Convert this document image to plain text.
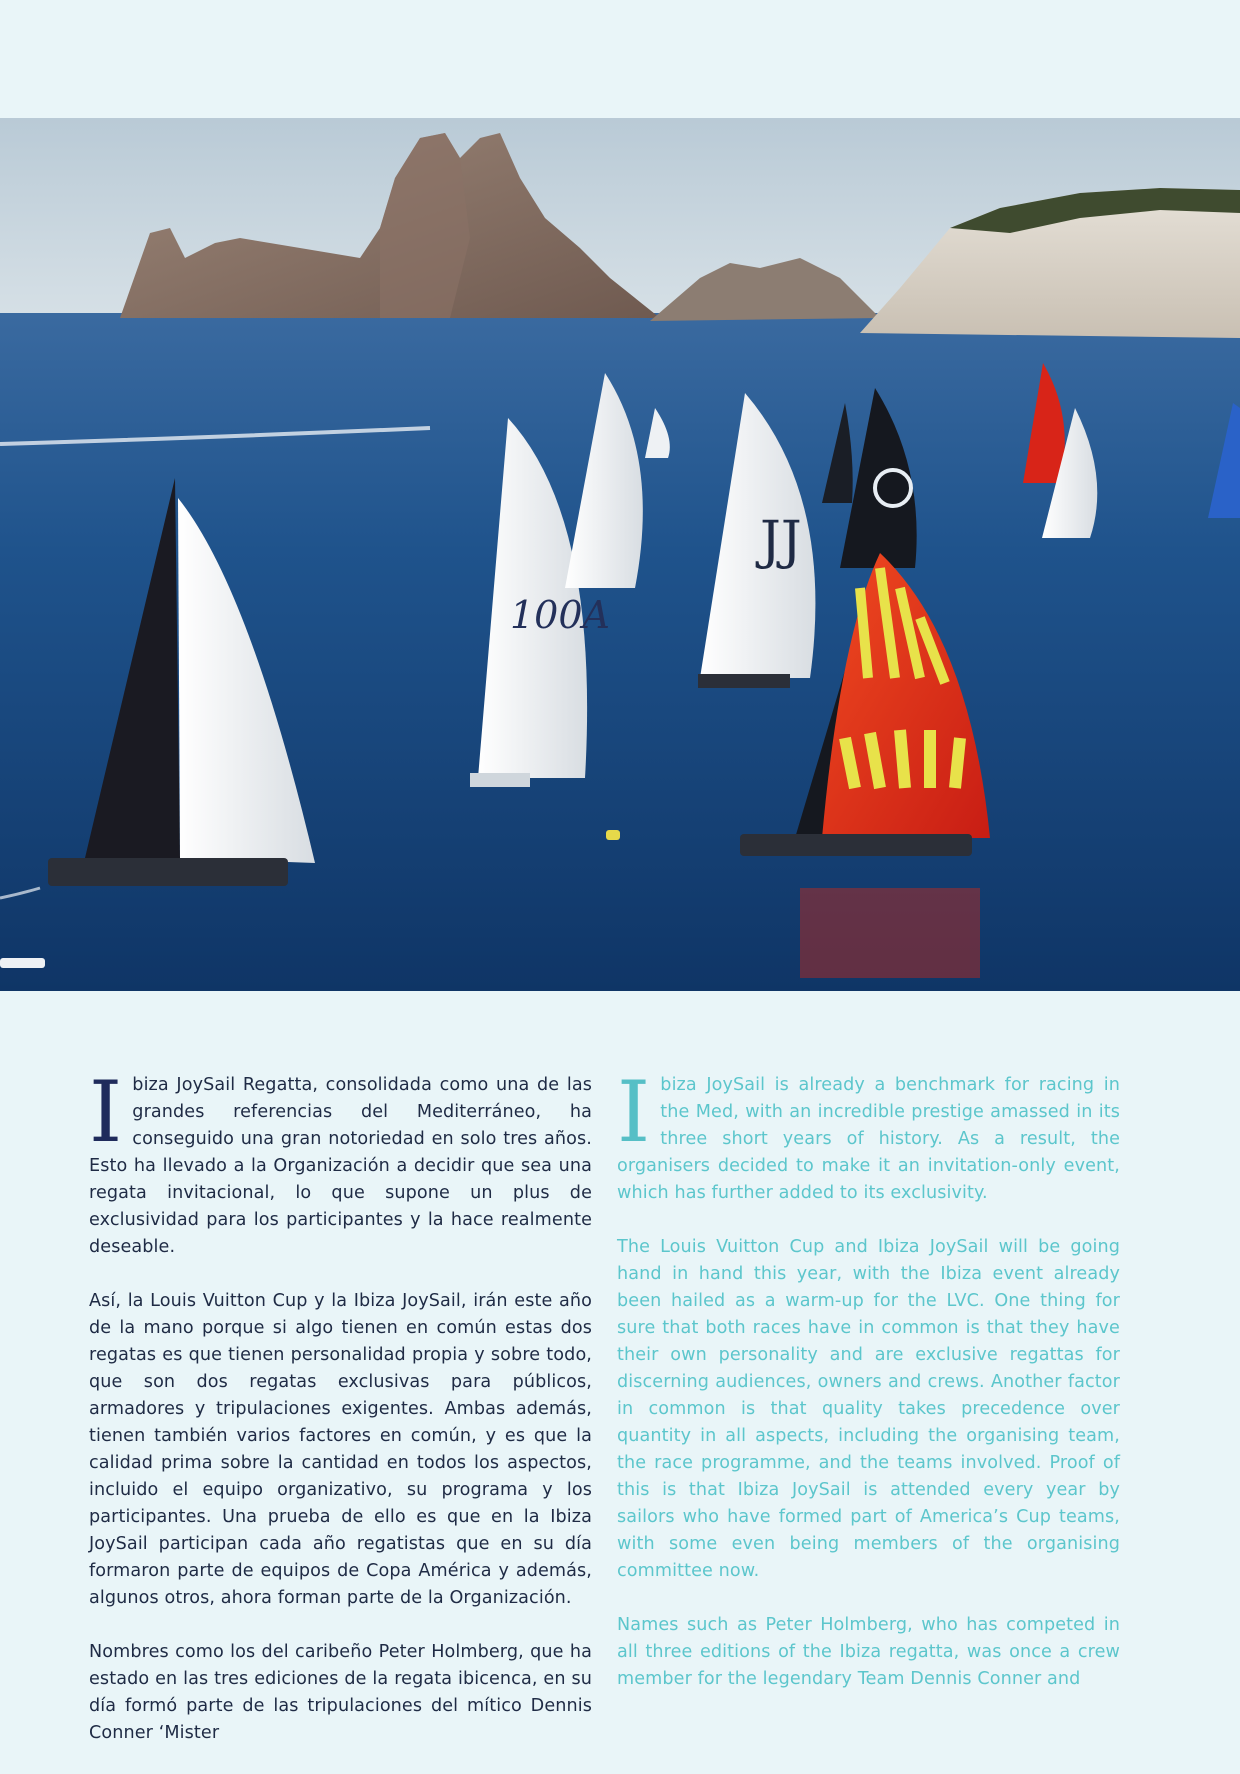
100A
JJ

Ibiza JoySail Regatta, consolidada como una de las grandes referencias del Mediterráneo, ha conseguido una gran notoriedad en solo tres años. Esto ha llevado a la Organización a decidir que sea una regata invitacional, lo que supone un plus de exclusividad para los participantes y la hace realmente deseable.

Así, la Louis Vuitton Cup y la Ibiza JoySail, irán este año de la mano porque si algo tienen en común estas dos regatas es que tienen personalidad propia y sobre todo, que son dos regatas exclusivas para públicos, armadores y tripulaciones exigentes. Ambas además, tienen también varios factores en común, y es que la calidad prima sobre la cantidad en todos los aspectos, incluido el equipo organizativo, su programa y los participantes. Una prueba de ello es que en la Ibiza JoySail participan cada año regatistas que en su día formaron parte de equipos de Copa América y además, algunos otros, ahora forman parte de la Organización.

Nombres como los del caribeño Peter Holmberg, que ha estado en las tres ediciones de la regata ibicenca, en su día formó parte de las tripulaciones del mítico Dennis Conner ‘Mister

Ibiza JoySail is already a benchmark for racing in the Med, with an incredible prestige amassed in its three short years of history. As a result, the organisers decided to make it an invitation-only event, which has further added to its exclusivity.

The Louis Vuitton Cup and Ibiza JoySail will be going hand in hand this year, with the Ibiza event already been hailed as a warm-up for the LVC. One thing for sure that both races have in common is that they have their own personality and are exclusive regattas for discerning audiences, owners and crews. Another factor in common is that quality takes precedence over quantity in all aspects, including the organising team, the race programme, and the teams involved. Proof of this is that Ibiza JoySail is attended every year by sailors who have formed part of America’s Cup teams, with some even being members of the organising committee now.

Names such as Peter Holmberg, who has competed in all three editions of the Ibiza regatta, was once a crew member for the legendary Team Dennis Conner and
